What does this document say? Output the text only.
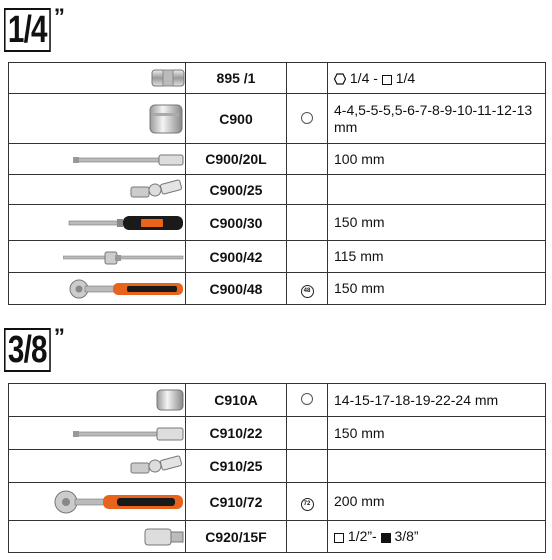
1/4 ”
	895 /1		1/4 -  1/4
	C900		4-4,5-5-5,5-6-7-8-9-10-11-12-13 mm
	C900/20L		100 mm
	C900/25		
	C900/30		150 mm
	C900/42		115 mm
	C900/48	48	150 mm
3/8 ”
	C910A		14-15-17-18-19-22-24 mm
	C910/22		150 mm
	C910/25		
	C910/72	72	200 mm
	C920/15F		1/2”-  3/8”
